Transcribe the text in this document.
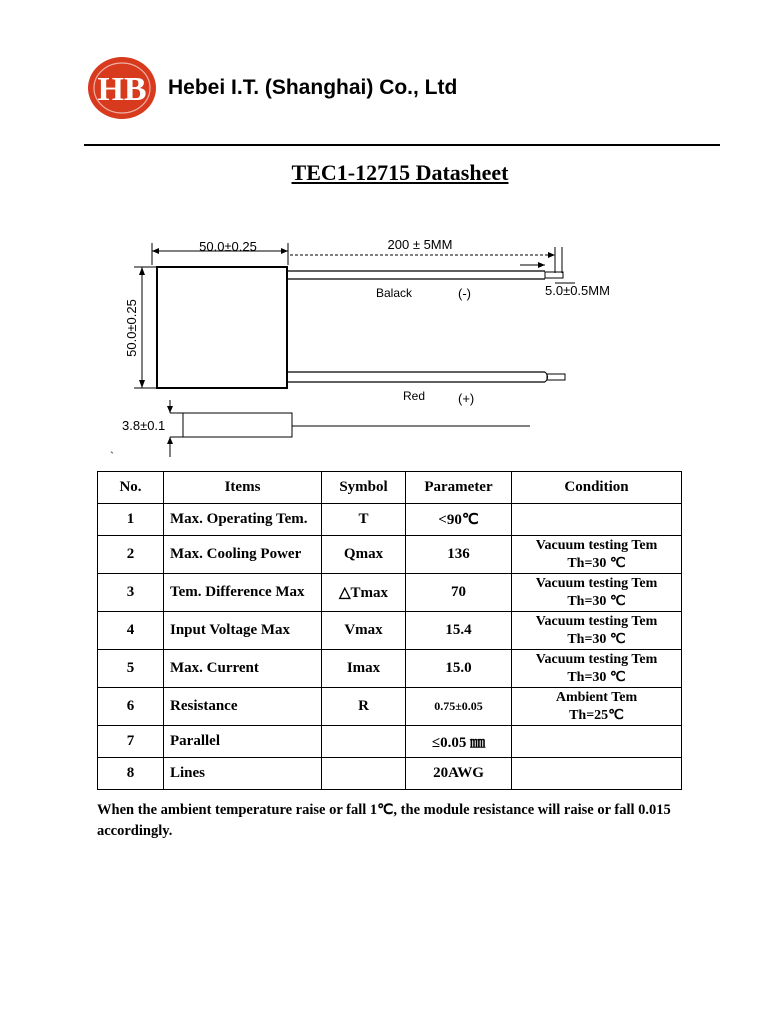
HB Hebei I.T. (Shanghai) Co., Ltd
TEC1-12715 Datasheet
50.0±0.25	200 ± 5MM
5.0±0.5MM
Balack	(-)
Red	(+)
50.0±0.25
3.8±0.1
`
No.	Items	Symbol	Parameter	Condition
1	Max. Operating Tem.	T	<90℃	
2	Max. Cooling Power	Qmax	136	Vacuum testing Tem
Th=30 ℃

3	Tem. Difference Max	△Tmax	70	Vacuum testing Tem
Th=30 ℃

4	Input Voltage Max	Vmax	15.4	Vacuum testing Tem
Th=30 ℃

5	Max. Current	Imax	15.0	Vacuum testing Tem
Th=30 ℃

6	Resistance	R	0.75±0.05	Ambient Tem
Th=25℃

7	Parallel		≤0.05 ㎜	
8	Lines		20AWG	
When the ambient temperature raise or fall 1℃, the module resistance will raise or fall 0.015 accordingly.
